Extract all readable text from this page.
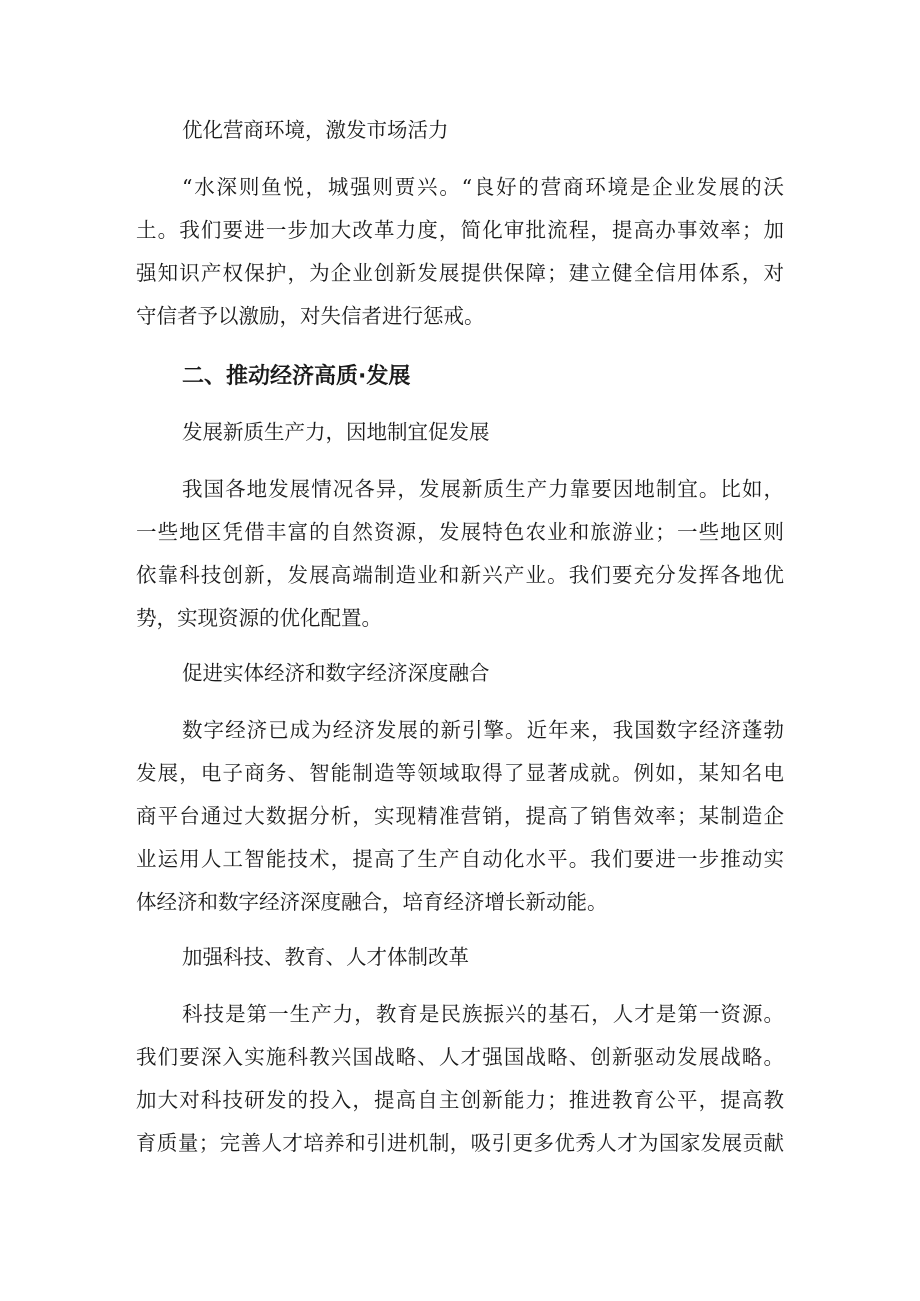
优化营商环境，激发市场活力

“水深则鱼悦，城强则贾兴。“良好的营商环境是企业发展的沃

土。我们要进一步加大改革力度，简化审批流程，提高办事效率；加

强知识产权保护，为企业创新发展提供保障；建立健全信用体系，对

守信者予以激励，对失信者进行惩戒。

二、推动经济高质·发展

发展新质生产力，因地制宜促发展

我国各地发展情况各异，发展新质生产力靠要因地制宜。比如，

一些地区凭借丰富的自然资源，发展特色农业和旅游业；一些地区则

依靠科技创新，发展高端制造业和新兴产业。我们要充分发挥各地优

势，实现资源的优化配置。

促进实体经济和数字经济深度融合

数字经济已成为经济发展的新引擎。近年来，我国数字经济蓬勃

发展，电子商务、智能制造等领域取得了显著成就。例如，某知名电

商平台通过大数据分析，实现精准营销，提高了销售效率；某制造企

业运用人工智能技术，提高了生产自动化水平。我们要进一步推动实

体经济和数字经济深度融合，培育经济增长新动能。

加强科技、教育、人才体制改革

科技是第一生产力，教育是民族振兴的基石，人才是第一资源。

我们要深入实施科教兴国战略、人才强国战略、创新驱动发展战略。

加大对科技研发的投入，提高自主创新能力；推进教育公平，提高教

育质量；完善人才培养和引进机制，吸引更多优秀人才为国家发展贡献
